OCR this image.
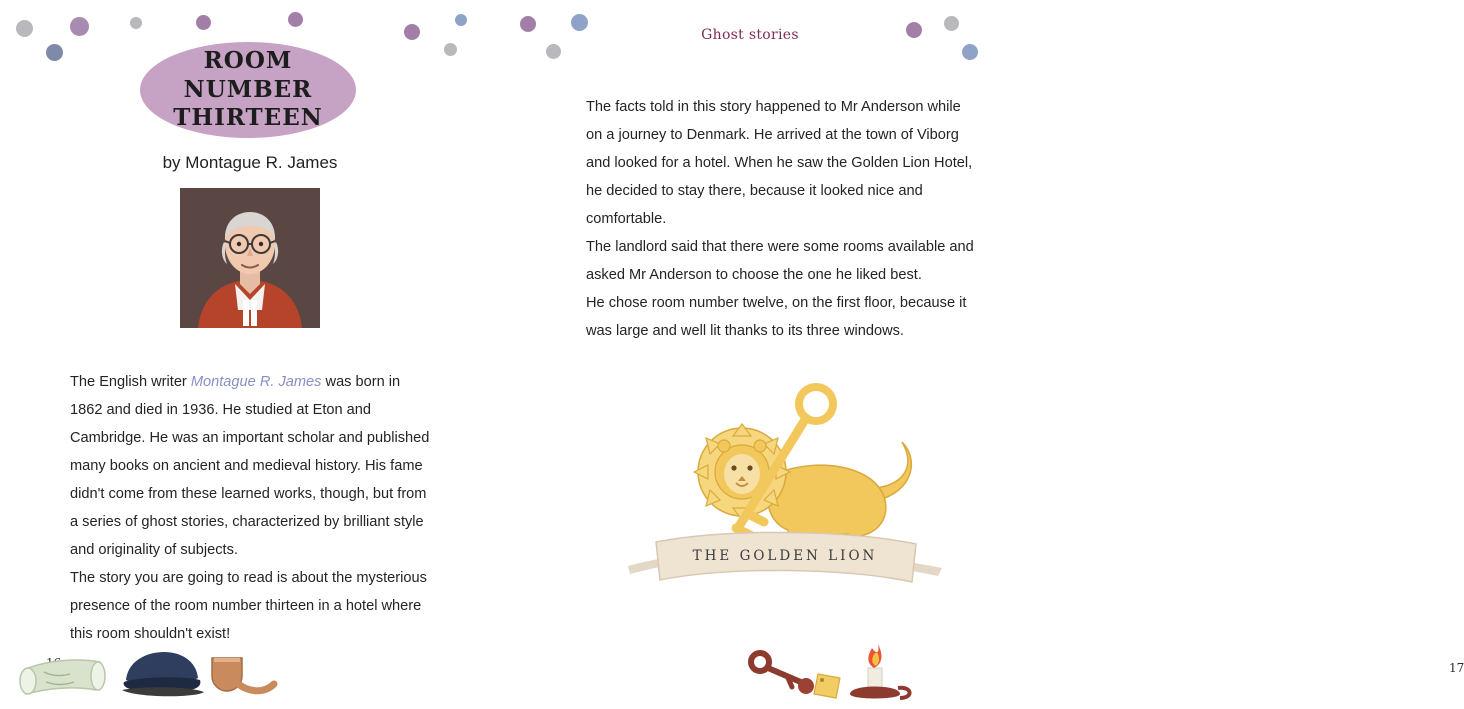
ROOM NUMBER
THIRTEEN
by Montague R. James

The English writer Montague R. James was born in 1862 and died in 1936. He studied at Eton and Cambridge. He was an important scholar and published many books on ancient and medieval history. His fame didn't come from these learned works, though, but from a series of ghost stories, characterized by brilliant style and originality of subjects.

The story you are going to read is about the mysterious presence of the room number thirteen in a hotel where this room shouldn't exist!

Ghost stories

The facts told in this story happened to Mr Anderson while on a journey to Denmark. He arrived at the town of Viborg and looked for a hotel. When he saw the Golden Lion Hotel, he decided to stay there, because it looked nice and comfortable.

The landlord said that there were some rooms available and asked Mr Anderson to choose the one he liked best.

He chose room number twelve, on the first floor, because it was large and well lit thanks to its three windows.

THE GOLDEN LION
17
